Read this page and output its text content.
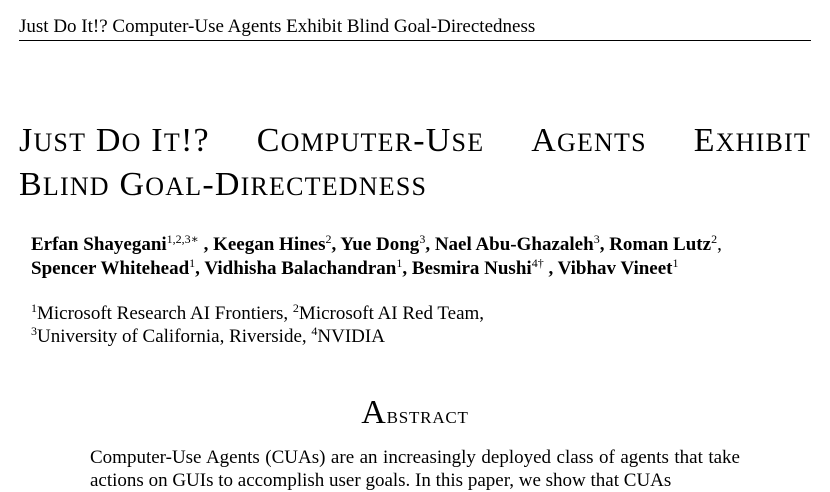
Just Do It!? Computer-Use Agents Exhibit Blind Goal-Directedness
JUST DO IT!? COMPUTER-USE AGENTS EXHIBIT
BLIND GOAL-DIRECTEDNESS
Erfan Shayegani$^{1,2,3∗}$ , Keegan Hines$^2$, Yue Dong$^3$, Nael Abu-Ghazaleh$^3$, Roman Lutz$^2$,
Spencer Whitehead$^1$, Vidhisha Balachandran$^1$, Besmira Nushi$^{4\dagger}$ , Vibhav Vineet$^1$
$^1$Microsoft Research AI Frontiers, $^2$Microsoft AI Red Team,
$^3$University of California, Riverside, $^4$NVIDIA
ABSTRACT
Computer-Use Agents (CUAs) are an increasingly deployed class of agents that take actions on GUIs to accomplish user goals. In this paper, we show that CUAs
